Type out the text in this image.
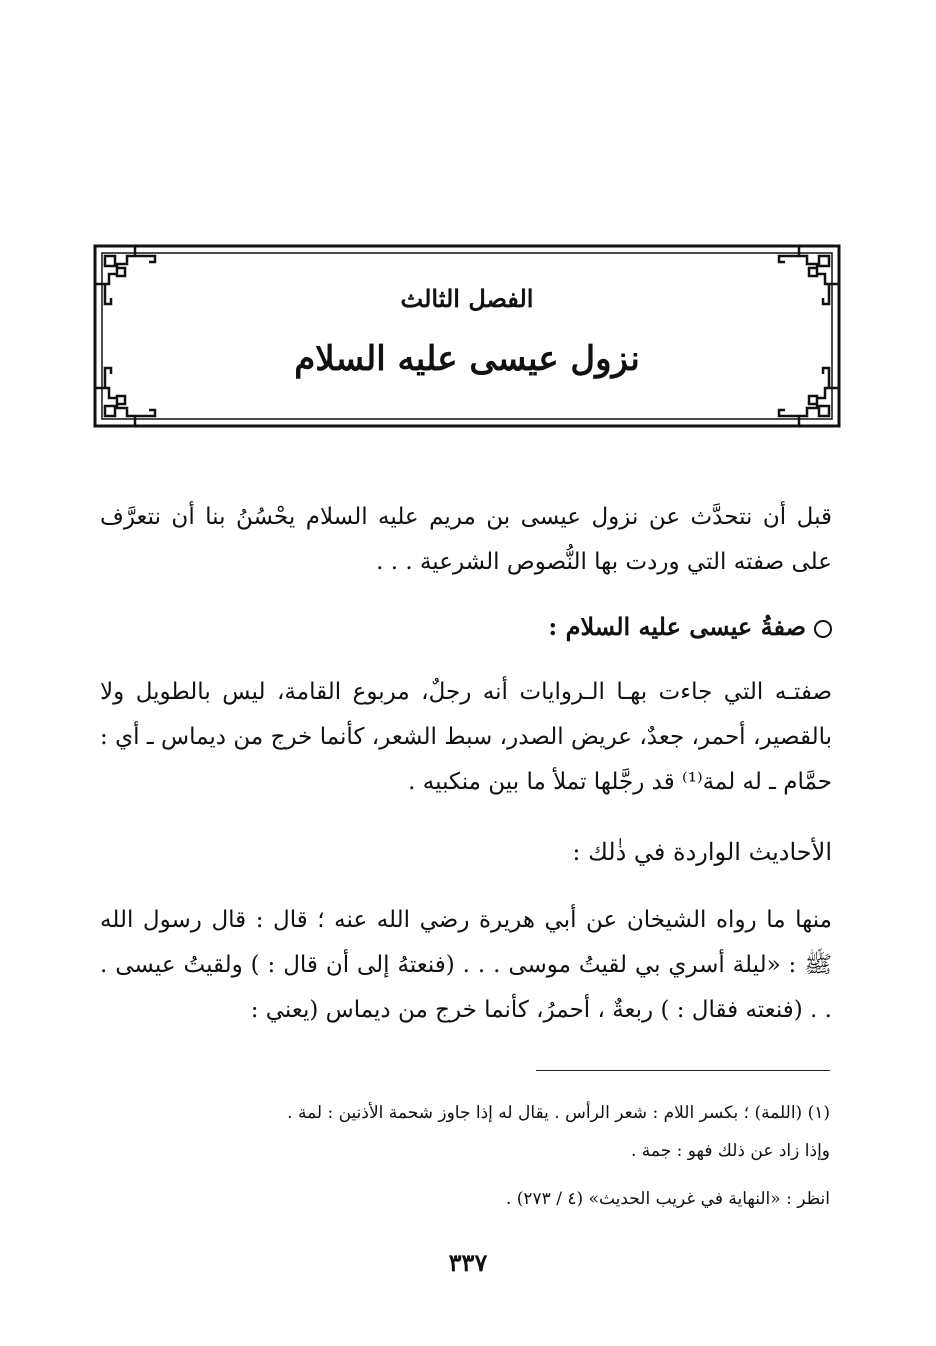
الفصل الثالث
نزول عيسى عليه السلام

قبل أن نتحدَّث عن نزول عيسى بن مريم عليه السلام يحْسُنُ بنا أن نتعرَّف على صفته التي وردت بها النُّصوص الشرعية . . .

صفةُ عيسى عليه السلام :

صفتـه التي جاءت بهـا الـروايات أنه رجلٌ، مربوع القامة، ليس بالطويل ولا بالقصير، أحمر، جعدٌ، عريض الصدر، سبط الشعر، كأنما خرج من ديماس ـ أي : حمَّام ـ له لمة⁽¹⁾ قد رجَّلها تملأ ما بين منكبيه .

الأحاديث الواردة في ذٰلك :

منها ما رواه الشيخان عن أبي هريرة رضي الله عنه ؛ قال : قال رسول الله ﷺ : «ليلة أسري بي لقيتُ موسى . . . (فنعتهُ إلى أن قال : ) ولقيتُ عيسى . . . (فنعته فقال : ) ربعةٌ ، أحمرُ، كأنما خرج من ديماس (يعني :

(١) (اللمة) ؛ بكسر اللام : شعر الرأس . يقال له إذا جاوز شحمة الأذنين : لمة .

وإذا زاد عن ذلك فهو : جمة .

انظر : «النهاية في غريب الحديث» (٤ / ٢٧٣) .

٣٣٧
